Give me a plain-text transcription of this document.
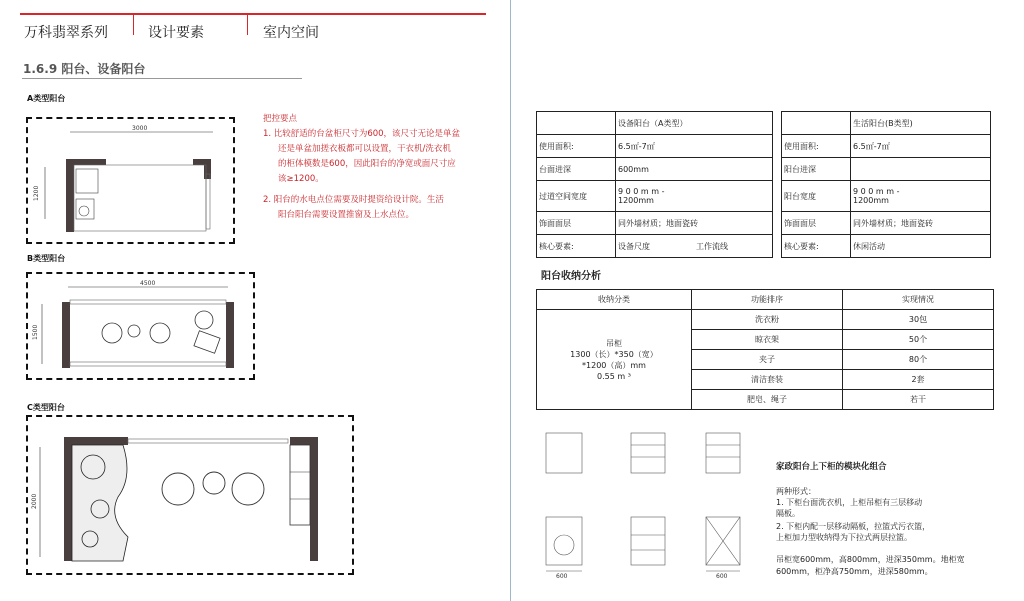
万科翡翠系列	设计要素	室内空间
1.6.9 阳台、设备阳台
A类型阳台
3000
1200
B类型阳台
4500
1500
C类型阳台
2000
把控要点
1. 比较舒适的台盆柜尺寸为600，该尺寸无论是单盆
还是单盆加搓衣板都可以设置，干衣机/洗衣机
的柜体模数是600，因此阳台的净宽或面尺寸应
该≥1200。
2. 阳台的水电点位需要及时提资给设计院。生活
阳台阳台需要设置推窗及上水点位。
	设备阳台（A类型）	
使用面积:	6.5㎡-7㎡	
台面进深	600mm	
过道空间宽度	9 0 0 m m -
1200mm	
饰面面层	同外墙材质；地面瓷砖	
核心要素:	设备尺度	工作流线
	生活阳台(B类型)
使用面积:	6.5㎡-7㎡
阳台进深	
阳台宽度	9 0 0 m m -
1200mm
饰面面层	同外墙材质；地面瓷砖
核心要素:	休闲活动
阳台收纳分析
收纳分类	功能排序	实现情况
吊柜
1300（长）*350（宽）
*1200（高）mm
0.55 m ³	洗衣粉	30包
	晾衣架	50个
	夹子	80个
	清洁套装	2套
	肥皂、绳子	若干
600	600
家政阳台上下柜的模块化组合
两种形式：
1. 下柜台面洗衣机，上柜吊柜有三层移动
隔板。
2. 下柜内配一层移动隔板，拉篮式污衣篮，
上柜加力型收纳得为下拉式两层拉篮。
吊柜宽600mm，高800mm，进深350mm。地柜宽
600mm，柜净高750mm，进深580mm。
